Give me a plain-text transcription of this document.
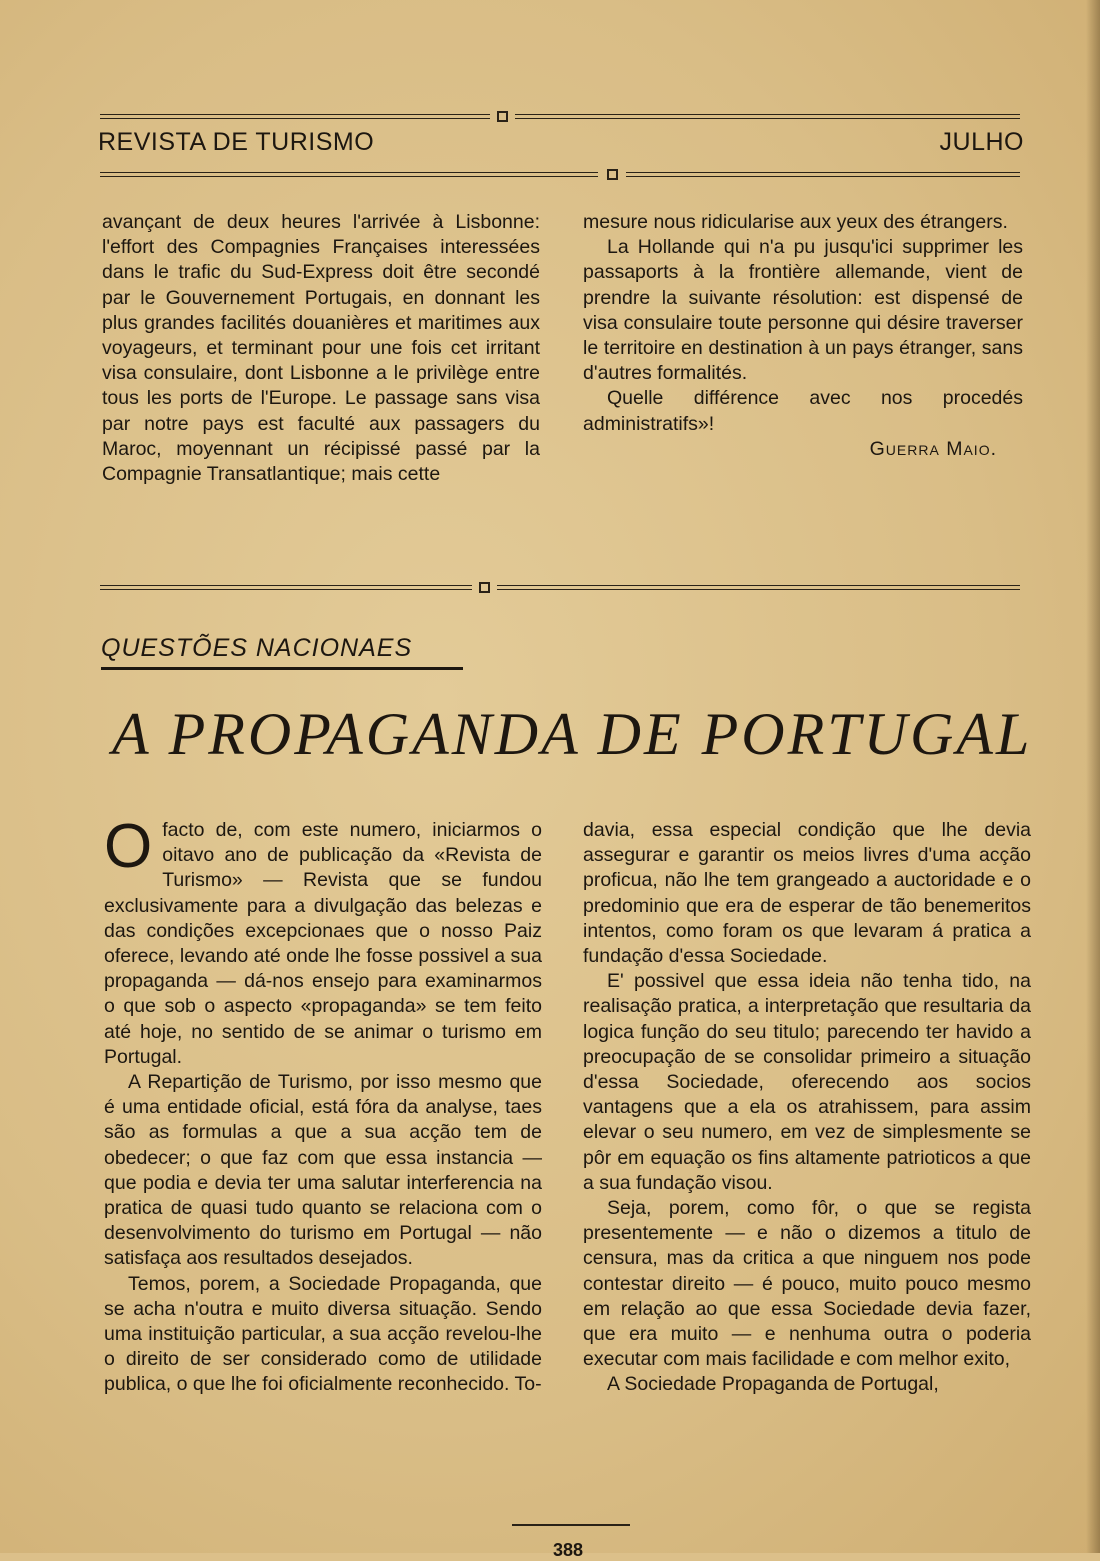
REVISTA DE TURISMO	JULHO

avançant de deux heures l'arrivée à Lisbonne: l'effort des Compagnies Françaises interessées dans le trafic du Sud-Express doit être secondé par le Gouvernement Portugais, en donnant les plus grandes facilités douanières et maritimes aux voyageurs, et terminant pour une fois cet irritant visa consulaire, dont Lisbonne a le privilège entre tous les ports de l'Europe. Le passage sans visa par notre pays est faculté aux passagers du Maroc, moyennant un récipissé passé par la Compagnie Transatlantique; mais cette

mesure nous ridicularise aux yeux des étrangers.

La Hollande qui n'a pu jusqu'ici supprimer les passaports à la frontière allemande, vient de prendre la suivante résolution: est dispensé de visa consulaire toute personne qui désire traverser le territoire en destination à un pays étranger, sans d'autres formalités.

Quelle différence avec nos procedés administratifs»!

Guerra Maio.

QUESTÕES NACIONAES
A PROPAGANDA DE PORTUGAL

Ofacto de, com este numero, iniciarmos o oitavo ano de publicação da «Revista de Turismo» — Revista que se fundou exclusivamente para a divulgação das belezas e das condições excepcionaes que o nosso Paiz oferece, levando até onde lhe fosse possivel a sua propaganda — dá-nos ensejo para examinarmos o que sob o aspecto «propaganda» se tem feito até hoje, no sentido de se animar o turismo em Portugal.

A Repartição de Turismo, por isso mesmo que é uma entidade oficial, está fóra da analyse, taes são as formulas a que a sua acção tem de obedecer; o que faz com que essa instancia — que podia e devia ter uma salutar interferencia na pratica de quasi tudo quanto se relaciona com o desenvolvimento do turismo em Portugal — não satisfaça aos resultados desejados.

Temos, porem, a Sociedade Propaganda, que se acha n'outra e muito diversa situação. Sendo uma instituição particular, a sua acção revelou-lhe o direito de ser considerado como de utilidade publica, o que lhe foi oficialmente reconhecido. To-

davia, essa especial condição que lhe devia assegurar e garantir os meios livres d'uma acção proficua, não lhe tem grangeado a auctoridade e o predominio que era de esperar de tão benemeritos intentos, como foram os que levaram á pratica a fundação d'essa Sociedade.

E' possivel que essa ideia não tenha tido, na realisação pratica, a interpretação que resultaria da logica função do seu titulo; parecendo ter havido a preocupação de se consolidar primeiro a situação d'essa Sociedade, oferecendo aos socios vantagens que a ela os atrahissem, para assim elevar o seu numero, em vez de simplesmente se pôr em equação os fins altamente patrioticos a que a sua fundação visou.

Seja, porem, como fôr, o que se regista presentemente — e não o dizemos a titulo de censura, mas da critica a que ninguem nos pode contestar direito — é pouco, muito pouco mesmo em relação ao que essa Sociedade devia fazer, que era muito — e nenhuma outra o poderia executar com mais facilidade e com melhor exito,

A Sociedade Propaganda de Portugal,

388
